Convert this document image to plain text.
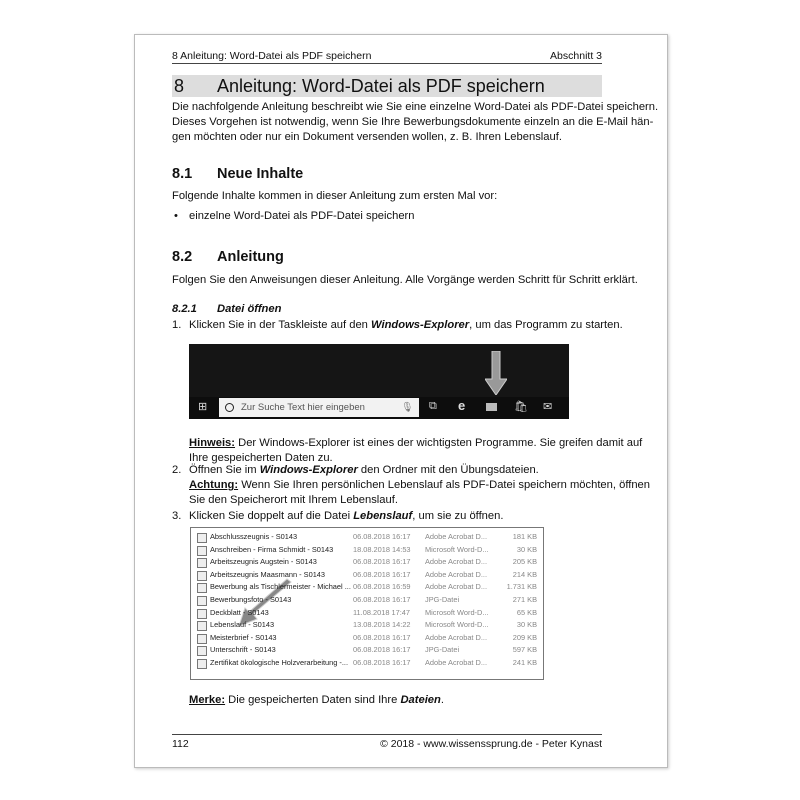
8 Anleitung: Word-Datei als PDF speichern	Abschnitt 3
8 Anleitung: Word-Datei als PDF speichern
Die nachfolgende Anleitung beschreibt wie Sie eine einzelne Word-Datei als PDF-Datei speichern.
Dieses Vorgehen ist notwendig, wenn Sie Ihre Bewerbungsdokumente einzeln an die E-Mail hän-
gen möchten oder nur ein Dokument versenden wollen, z. B. Ihren Lebenslauf.
8.1 Neue Inhalte
Folgende Inhalte kommen in dieser Anleitung zum ersten Mal vor:
• einzelne Word-Datei als PDF-Datei speichern
8.2 Anleitung
Folgen Sie den Anweisungen dieser Anleitung. Alle Vorgänge werden Schritt für Schritt erklärt.
8.2.1 Datei öffnen
1. Klicken Sie in der Taskleiste auf den Windows-Explorer, um das Programm zu starten.
⊞	Zur Suche Text hier eingeben	🎙︎ ⧉ e	🛍︎ ✉
Hinweis: Der Windows-Explorer ist eines der wichtigsten Programme. Sie greifen damit auf
Ihre gespeicherten Daten zu.
2. Öffnen Sie im Windows-Explorer den Ordner mit den Übungsdateien.
Achtung: Wenn Sie Ihren persönlichen Lebenslauf als PDF-Datei speichern möchten, öffnen
Sie den Speicherort mit Ihrem Lebenslauf.
3. Klicken Sie doppelt auf die Datei Lebenslauf, um sie zu öffnen.
Abschlusszeugnis - S0143	06.08.2018 16:17 Adobe Acrobat D...	181 KB
Anschreiben - Firma Schmidt - S0143	18.08.2018 14:53 Microsoft Word-D...	30 KB
Arbeitszeugnis Augstein - S0143	06.08.2018 16:17 Adobe Acrobat D...	205 KB
Arbeitszeugnis Maasmann - S0143	06.08.2018 16:17 Adobe Acrobat D...	214 KB
Bewerbung als Tischlermeister - Michael ... 06.08.2018 16:59 Adobe Acrobat D...	1.731 KB
Bewerbungsfoto - S0143	06.08.2018 16:17 JPG-Datei	271 KB
Deckblatt - S0143	11.08.2018 17:47 Microsoft Word-D...	65 KB
Lebenslauf - S0143	13.08.2018 14:22 Microsoft Word-D...	30 KB
Meisterbrief - S0143	06.08.2018 16:17 Adobe Acrobat D...	209 KB
Unterschrift - S0143	06.08.2018 16:17 JPG-Datei	597 KB
Zertifikat ökologische Holzverarbeitung -... 06.08.2018 16:17 Adobe Acrobat D...	241 KB
Merke: Die gespeicherten Daten sind Ihre Dateien.
112	© 2018 - www.wissenssprung.de - Peter Kynast
